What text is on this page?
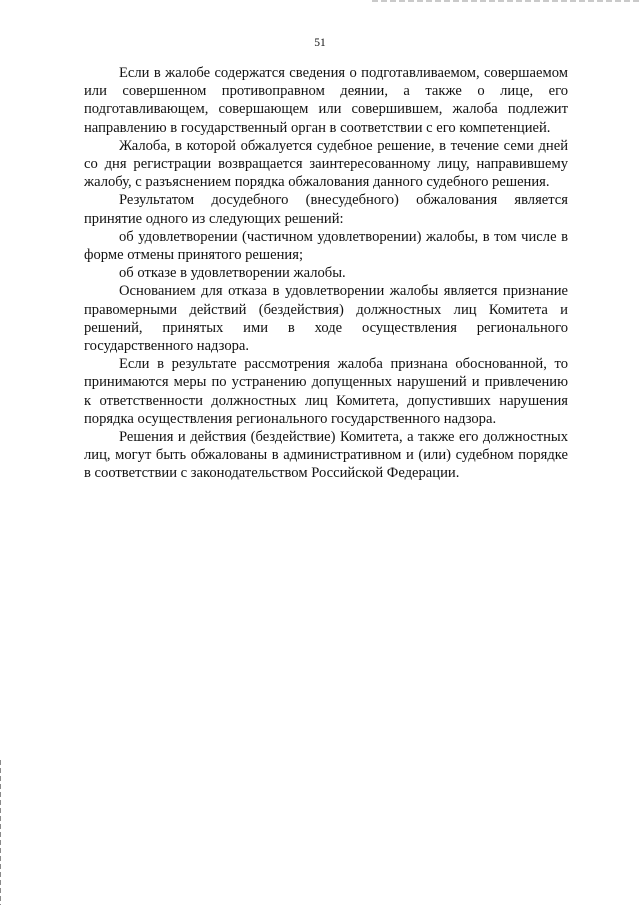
51

Если в жалобе содержатся сведения о подготавливаемом, совершаемом или совершенном противоправном деянии, а также о лице, его подготавливающем, совершающем или совершившем, жалоба подлежит направлению в государственный орган в соответствии с его компетенцией.

Жалоба, в которой обжалуется судебное решение, в течение семи дней со дня регистрации возвращается заинтересованному лицу, направившему жалобу, с разъяснением порядка обжалования данного судебного решения.

Результатом досудебного (внесудебного) обжалования является принятие одного из следующих решений:

об удовлетворении (частичном удовлетворении) жалобы, в том числе в форме отмены принятого решения;

об отказе в удовлетворении жалобы.

Основанием для отказа в удовлетворении жалобы является признание правомерными действий (бездействия) должностных лиц Комитета и решений, принятых ими в ходе осуществления регионального государственного надзора.

Если в результате рассмотрения жалоба признана обоснованной, то принимаются меры по устранению допущенных нарушений и привлечению к ответственности должностных лиц Комитета, допустивших нарушения порядка осуществления регионального государственного надзора.

Решения и действия (бездействие) Комитета, а также его должностных лиц, могут быть обжалованы в административном и (или) судебном порядке в соответствии с законодательством Российской Федерации.
